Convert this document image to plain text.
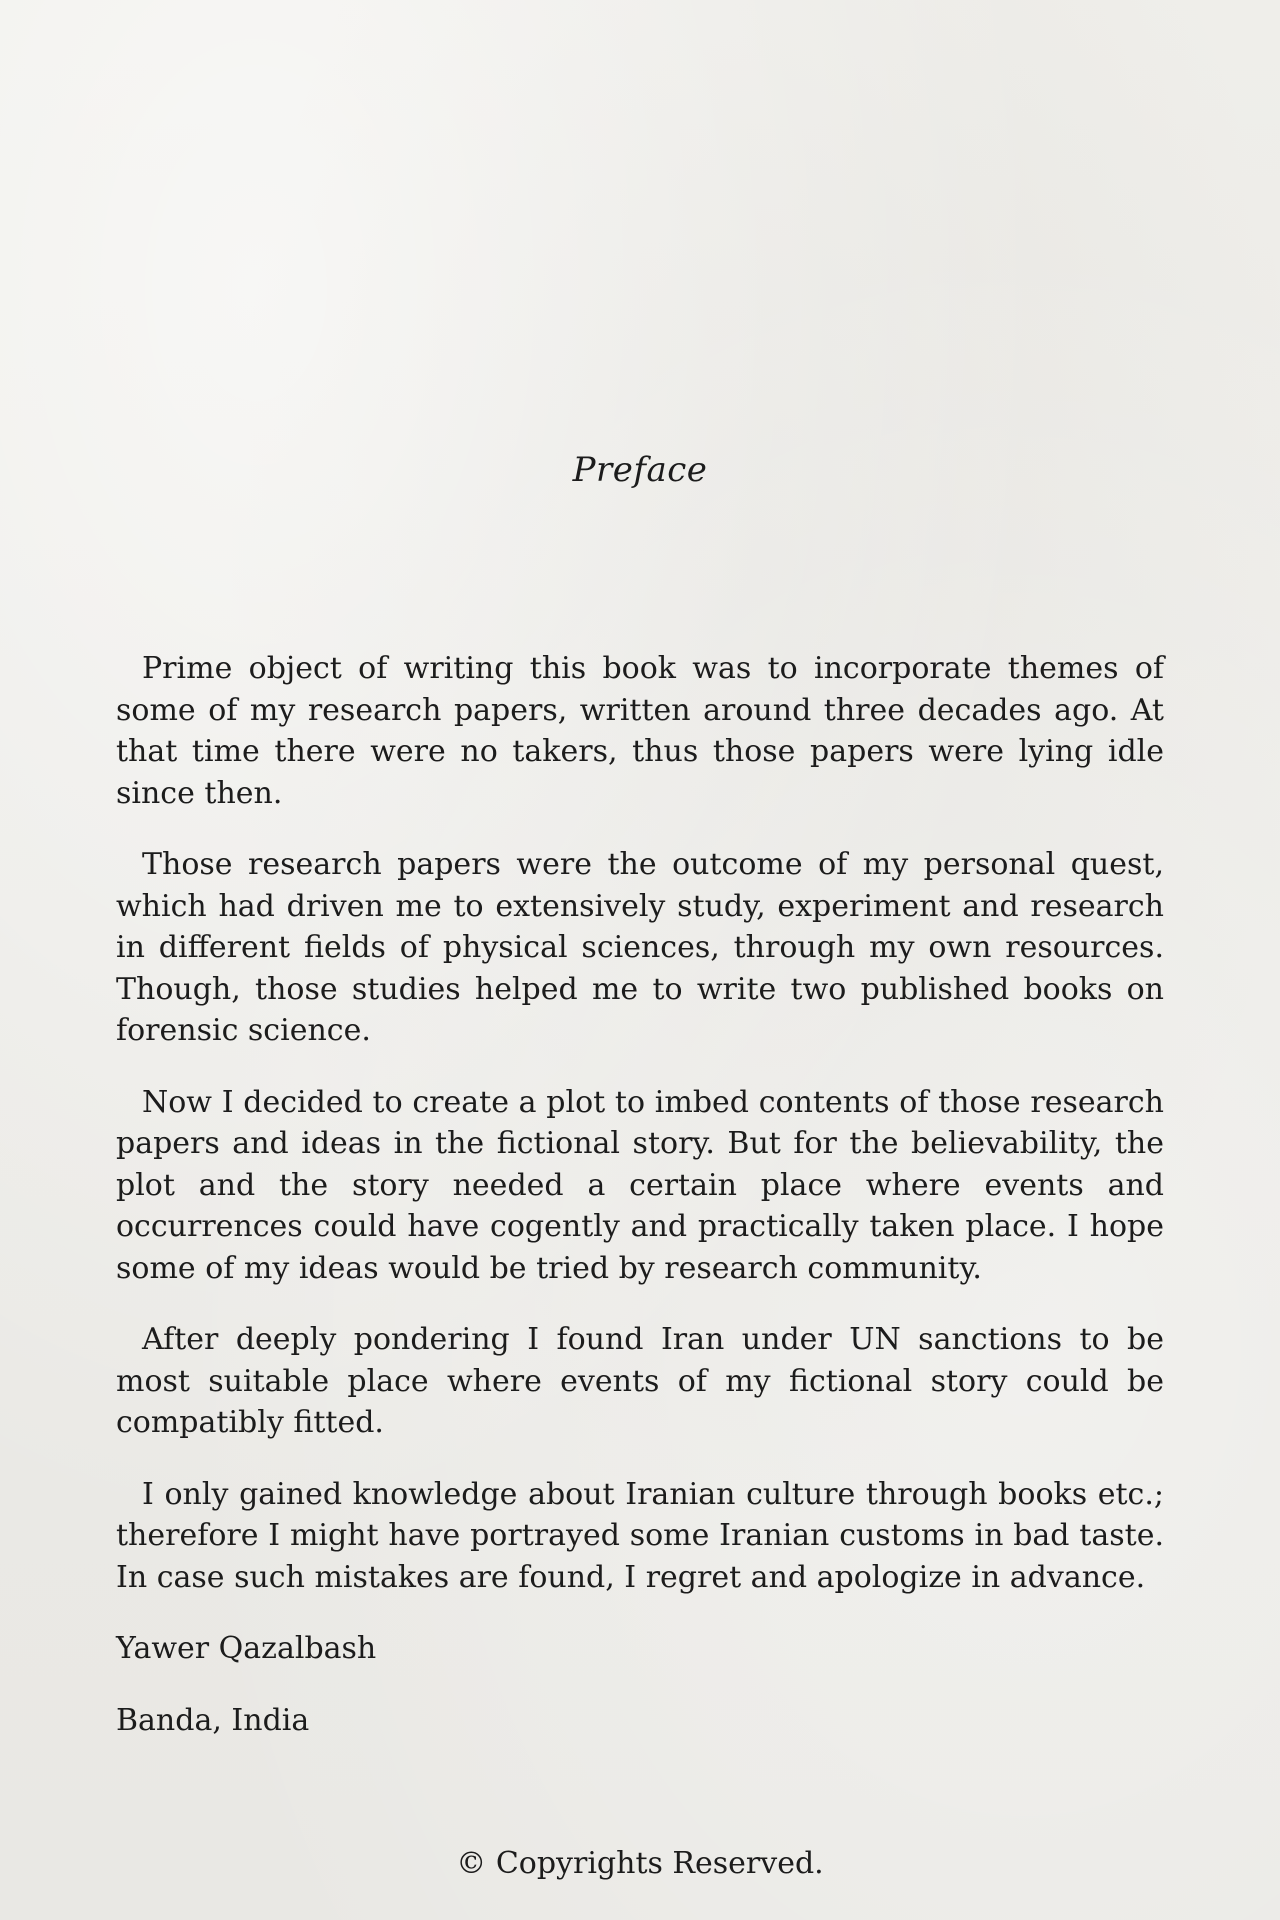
Preface

Prime object of writing this book was to incorporate themes of some of my research papers, written around three decades ago. At that time there were no takers, thus those papers were lying idle since then.

Those research papers were the outcome of my personal quest, which had driven me to extensively study, experiment and research in different fields of physical sciences, through my own resources. Though, those studies helped me to write two published books on forensic science.

Now I decided to create a plot to imbed contents of those research papers and ideas in the fictional story. But for the believability, the plot and the story needed a certain place where events and occurrences could have cogently and practically taken place. I hope some of my ideas would be tried by research community.

After deeply pondering I found Iran under UN sanctions to be most suitable place where events of my fictional story could be compatibly fitted.

I only gained knowledge about Iranian culture through books etc.; therefore I might have portrayed some Iranian customs in bad taste. In case such mistakes are found, I regret and apologize in advance.

Yawer Qazalbash

Banda, India

© Copyrights Reserved.
